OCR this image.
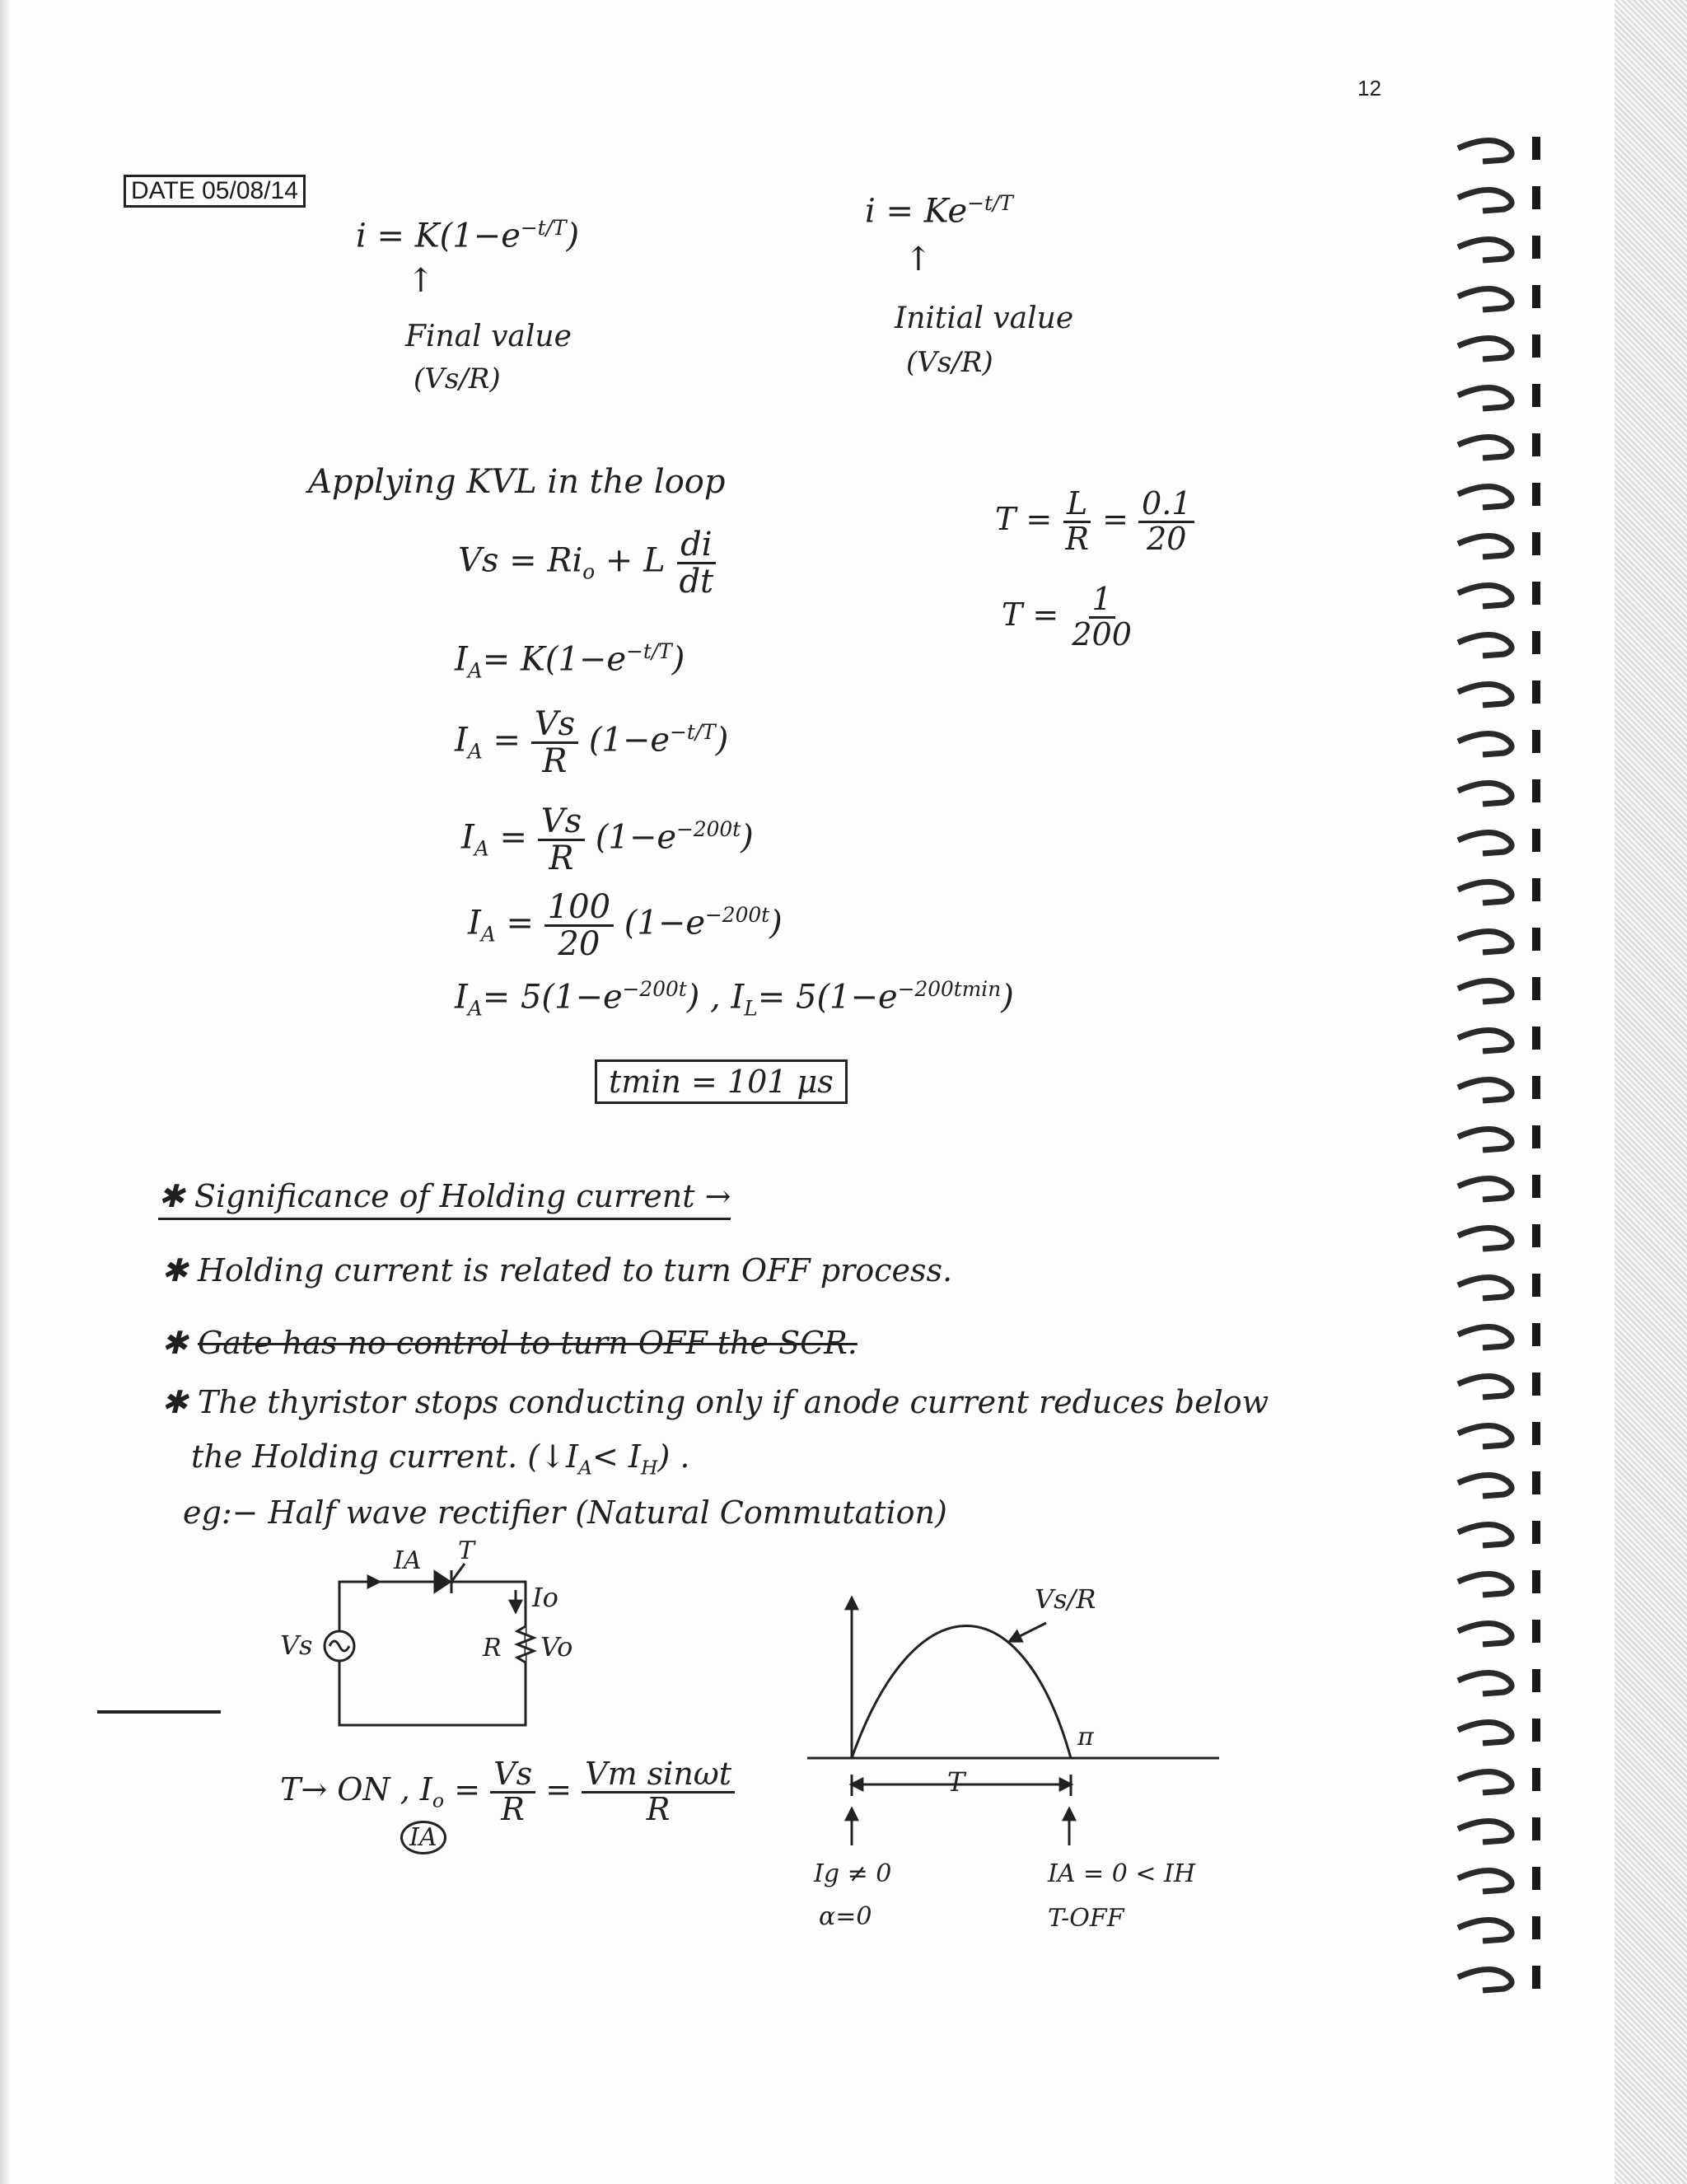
12
DATE 05/08/14
$i = K(1-e^{-t/T})$
↑
Final value
(Vs/R)
$i = Ke^{-t/T}$
↑
Initial value
(Vs/R)
Applying KVL in the loop
$Vs = Ri_o + L \frac{di}{dt}$
$T = \frac{L}{R} = \frac{0.1}{20}$
$T = \frac{1}{200}$
$I_A= K(1-e^{-t/T})$
$I_A = \frac{Vs}{R} (1-e^{-t/T})$
$I_A = \frac{Vs}{R} (1-e^{-200t})$
$I_A = \frac{100}{20} (1-e^{-200t})$
$I_A= 5(1-e^{-200t})$ , $I_L= 5(1-e^{-200tmin})$
tmin = 101 μs
✱ Significance of Holding current →
✱ Holding current is related to turn OFF process.
✱ Gate has no control to turn OFF the SCR.
✱ The thyristor stops conducting only if anode current reduces below
the Holding current. $(↓I_A< I_H)$ .
eg:− Half wave rectifier (Natural Commutation)
IA T
Io
Vs	R Vo
T→ ON , $I_o = \frac{Vs}{R} = \frac{\text{Vm sinωt}}{R}$
IA
Vs/R
π
T
Ig ≠ 0
α=0
IA = 0 < IH
T-OFF
